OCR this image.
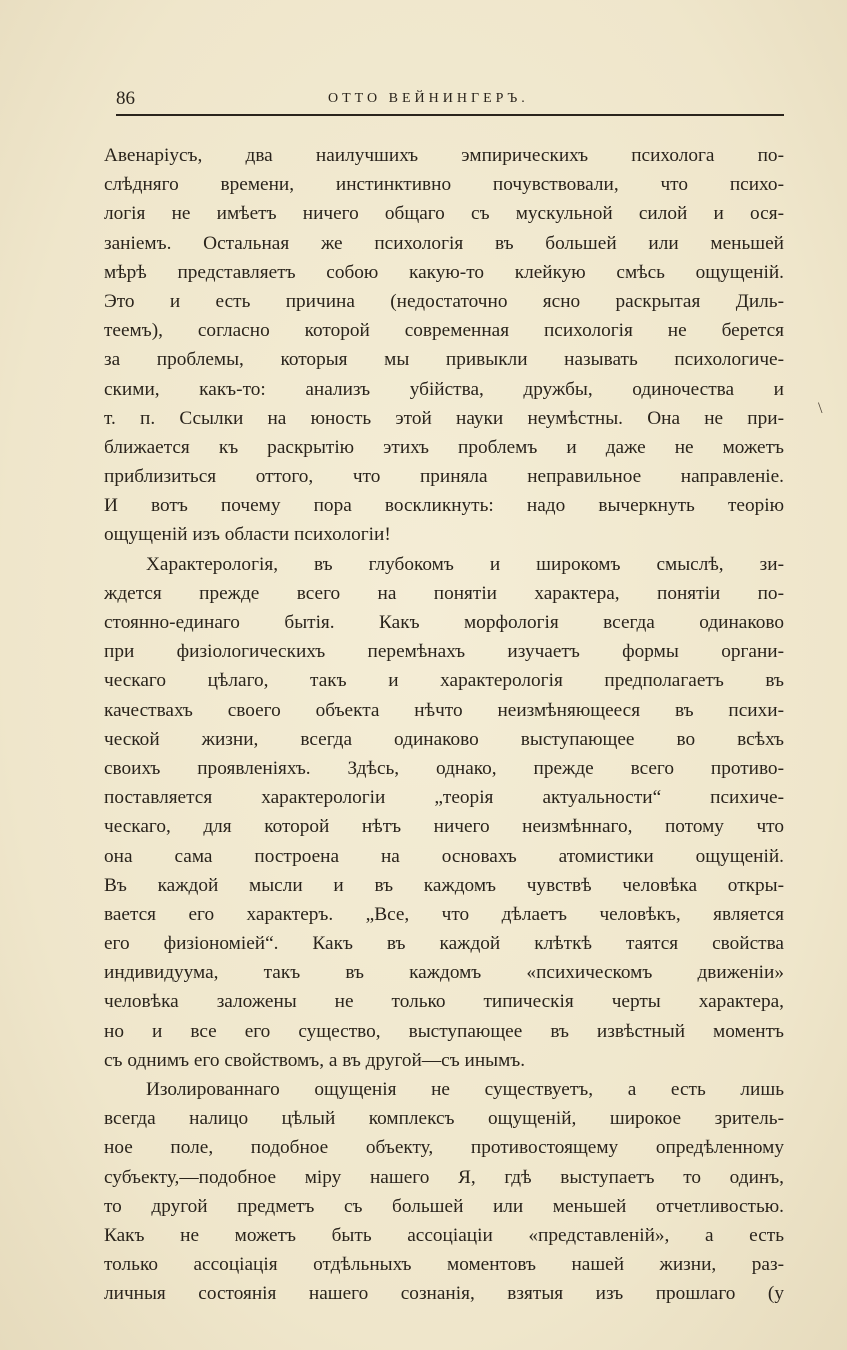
86	ОТТО ВЕЙНИНГЕРЪ.
\
Авенаріусъ, два наилучшихъ эмпирическихъ психолога по-
слѣдняго времени, инстинктивно почувствовали, что психо-
логія не имѣетъ ничего общаго съ мускульной силой и ося-
заніемъ. Остальная же психологія въ большей или меньшей
мѣрѣ представляетъ собою какую-то клейкую смѣсь ощущеній.
Это и есть причина (недостаточно ясно раскрытая Диль-
теемъ), согласно которой современная психологія не берется
за проблемы, которыя мы привыкли называть психологиче-
скими, какъ-то: анализъ убійства, дружбы, одиночества и
т. п. Ссылки на юность этой науки неумѣстны. Она не при-
ближается къ раскрытію этихъ проблемъ и даже не можетъ
приблизиться оттого, что приняла неправильное направленіе.
И вотъ почему пора воскликнуть: надо вычеркнуть теорію
ощущеній изъ области психологіи!
Характерологія, въ глубокомъ и широкомъ смыслѣ, зи-
ждется прежде всего на понятіи характера, понятіи по-
стоянно-единаго бытія. Какъ морфологія всегда одинаково
при физіологическихъ перемѣнахъ изучаетъ формы органи-
ческаго цѣлаго, такъ и характерологія предполагаетъ въ
качествахъ своего объекта нѣчто неизмѣняющееся въ психи-
ческой жизни, всегда одинаково выступающее во всѣхъ
своихъ проявленіяхъ. Здѣсь, однако, прежде всего противо-
поставляется характерологіи „теорія актуальности“ психиче-
ческаго, для которой нѣтъ ничего неизмѣннаго, потому что
она сама построена на основахъ атомистики ощущеній.
Въ каждой мысли и въ каждомъ чувствѣ человѣка откры-
вается его характеръ. „Все, что дѣлаетъ человѣкъ, является
его физіономіей“. Какъ въ каждой клѣткѣ таятся свойства
индивидуума, такъ въ каждомъ «психическомъ движеніи»
человѣка заложены не только типическія черты характера,
но и все его существо, выступающее въ извѣстный моментъ
съ однимъ его свойствомъ, а въ другой—съ инымъ.
Изолированнаго ощущенія не существуетъ, а есть лишь
всегда налицо цѣлый комплексъ ощущеній, широкое зритель-
ное поле, подобное объекту, противостоящему опредѣленному
субъекту,—подобное міру нашего Я, гдѣ выступаетъ то одинъ,
то другой предметъ съ большей или меньшей отчетливостью.
Какъ не можетъ быть ассоціаціи «представленій», а есть
только ассоціація отдѣльныхъ моментовъ нашей жизни, раз-
личныя состоянія нашего сознанія, взятыя изъ прошлаго (у
